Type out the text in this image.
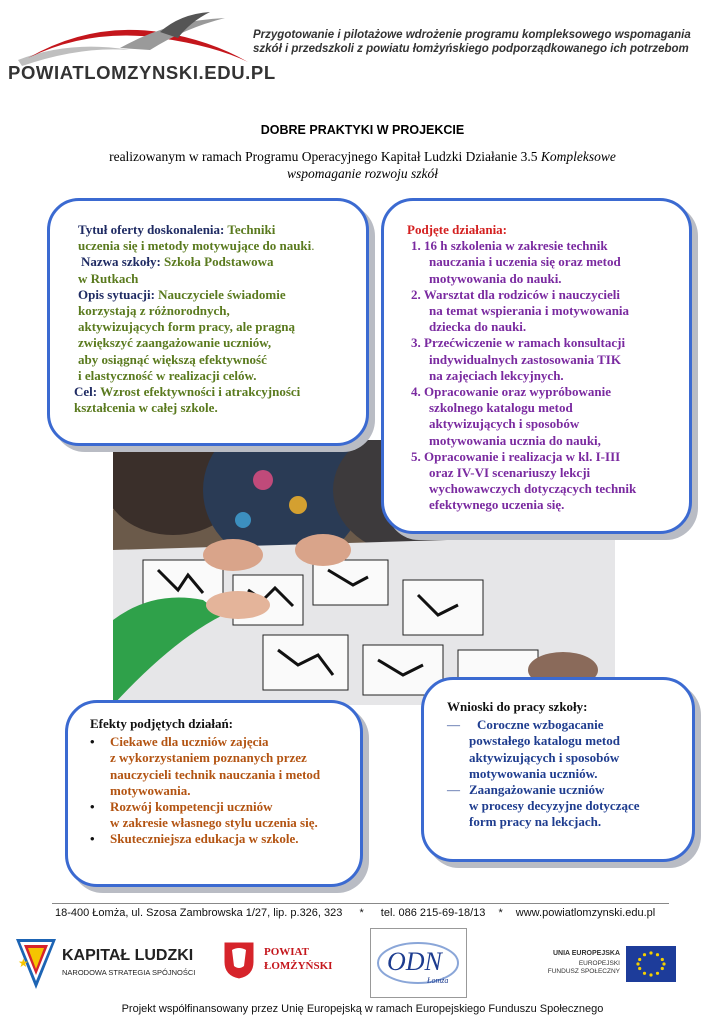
POWIATLOMZYNSKI.EDU.PL
Przygotowanie i pilotażowe wdrożenie programu kompleksowego wspomagania
szkół i przedszkoli z powiatu łomżyńskiego podporządkowanego ich potrzebom
DOBRE PRAKTYKI W PROJEKCIE
realizowanym w ramach Programu Operacyjnego Kapitał Ludzki Działanie 3.5 Kompleksowe
wspomaganie rozwoju szkół
Tytuł oferty doskonalenia: Techniki
uczenia się i metody motywujące do nauki.
Nazwa szkoły: Szkoła Podstawowa
w Rutkach
Opis sytuacji: Nauczyciele świadomie
korzystają z różnorodnych,
aktywizujących form pracy, ale pragną
zwiększyć zaangażowanie uczniów,
aby osiągnąć większą efektywność
i elastyczność w realizacji celów.
Cel: Wzrost efektywności i atrakcyjności
kształcenia w całej szkole.
Podjęte działania:
1. 16 h szkolenia w zakresie technik
nauczania i uczenia się oraz metod
motywowania do nauki.
2. Warsztat dla rodziców i nauczycieli
na temat wspierania i motywowania
dziecka do nauki.
3. Przećwiczenie w ramach konsultacji
indywidualnych zastosowania TIK
na zajęciach lekcyjnych.
4. Opracowanie oraz wypróbowanie
szkolnego katalogu metod
aktywizujących i sposobów
motywowania ucznia do nauki,
5. Opracowanie i realizacja w kl. I-III
oraz IV-VI scenariuszy lekcji
wychowawczych dotyczących technik
efektywnego uczenia się.
Efekty podjętych działań:
• Ciekawe dla uczniów zajęcia
z wykorzystaniem poznanych przez
nauczycieli technik nauczania i metod
motywowania.
• Rozwój kompetencji uczniów
w zakresie własnego stylu uczenia się.
• Skuteczniejsza edukacja w szkole.
Wnioski do pracy szkoły:
—	Coroczne wzbogacanie
powstałego katalogu metod
aktywizujących i sposobów
motywowania uczniów.
— Zaangażowanie uczniów
w procesy decyzyjne dotyczące
form pracy na lekcjach.
18-400 Łomża, ul. Szosa Zambrowska 1/27, lip. p.326, 323 * tel. 086 215-69-18/13 * www.powiatlomzynski.edu.pl
★ KAPITAŁ LUDZKI
NARODOWA STRATEGIA SPÓJNOŚCI
POWIAT
ŁOMŻYŃSKI ODN
Łomża
UNIA EUROPEJSKA
EUROPEJSKI
FUNDUSZ SPOŁECZNY
Projekt współfinansowany przez Unię Europejską w ramach Europejskiego Funduszu Społecznego
